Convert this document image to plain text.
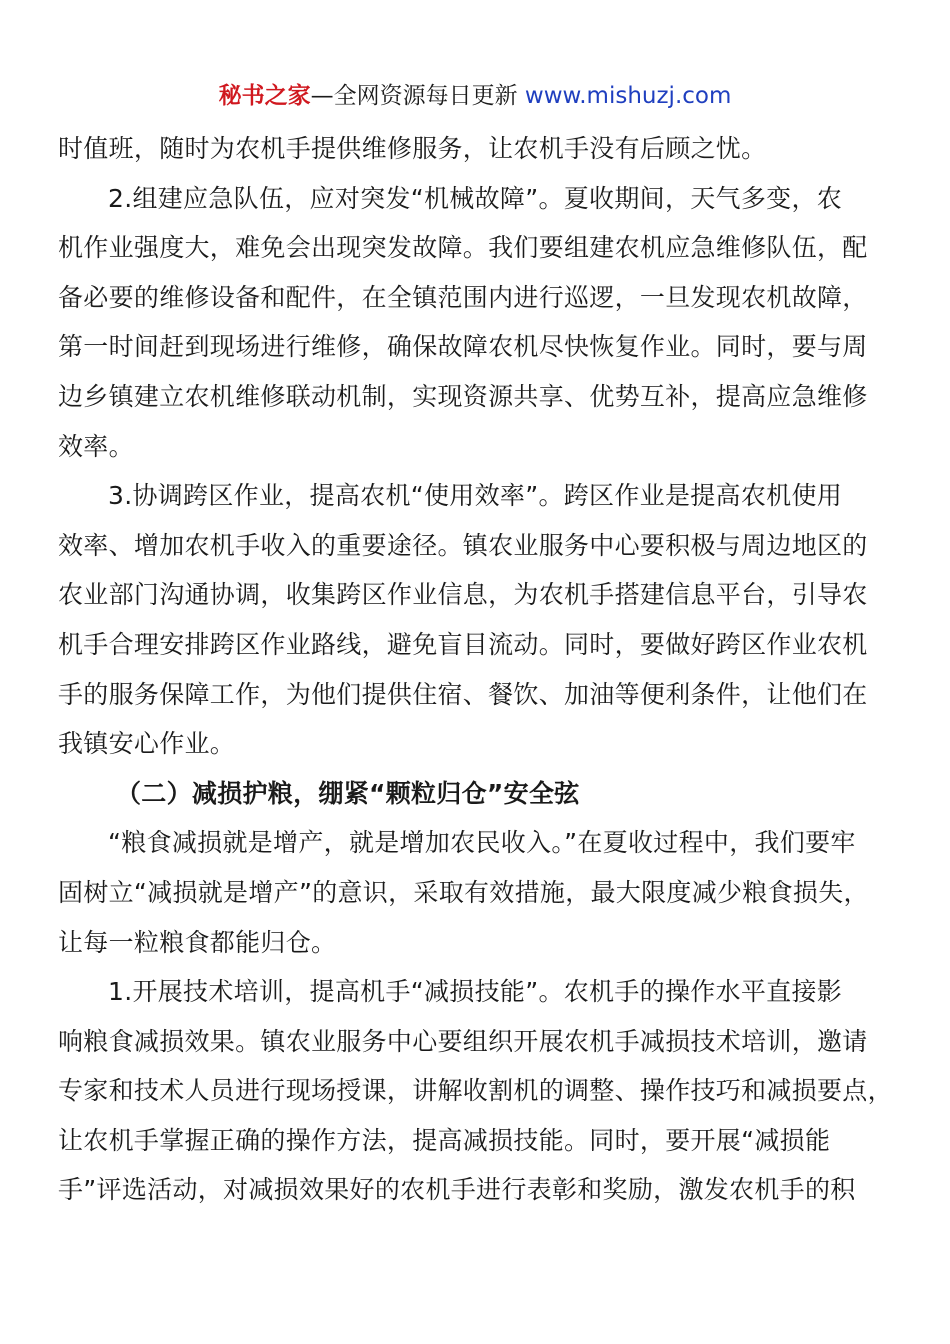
秘书之家—全网资源每日更新 www.mishuzj.com
时值班，随时为农机手提供维修服务，让农机手没有后顾之忧。
2.组建应急队伍，应对突发“机械故障”。夏收期间，天气多变，农
机作业强度大，难免会出现突发故障。我们要组建农机应急维修队伍，配
备必要的维修设备和配件，在全镇范围内进行巡逻，一旦发现农机故障，
第一时间赶到现场进行维修，确保故障农机尽快恢复作业。同时，要与周
边乡镇建立农机维修联动机制，实现资源共享、优势互补，提高应急维修
效率。
3.协调跨区作业，提高农机“使用效率”。跨区作业是提高农机使用
效率、增加农机手收入的重要途径。镇农业服务中心要积极与周边地区的
农业部门沟通协调，收集跨区作业信息，为农机手搭建信息平台，引导农
机手合理安排跨区作业路线，避免盲目流动。同时，要做好跨区作业农机
手的服务保障工作，为他们提供住宿、餐饮、加油等便利条件，让他们在
我镇安心作业。
（二）减损护粮，绷紧“颗粒归仓”安全弦
“粮食减损就是增产，就是增加农民收入。”在夏收过程中，我们要牢
固树立“减损就是增产”的意识，采取有效措施，最大限度减少粮食损失，
让每一粒粮食都能归仓。
1.开展技术培训，提高机手“减损技能”。农机手的操作水平直接影
响粮食减损效果。镇农业服务中心要组织开展农机手减损技术培训，邀请
专家和技术人员进行现场授课，讲解收割机的调整、操作技巧和减损要点，
让农机手掌握正确的操作方法，提高减损技能。同时，要开展“减损能
手”评选活动，对减损效果好的农机手进行表彰和奖励，激发农机手的积
